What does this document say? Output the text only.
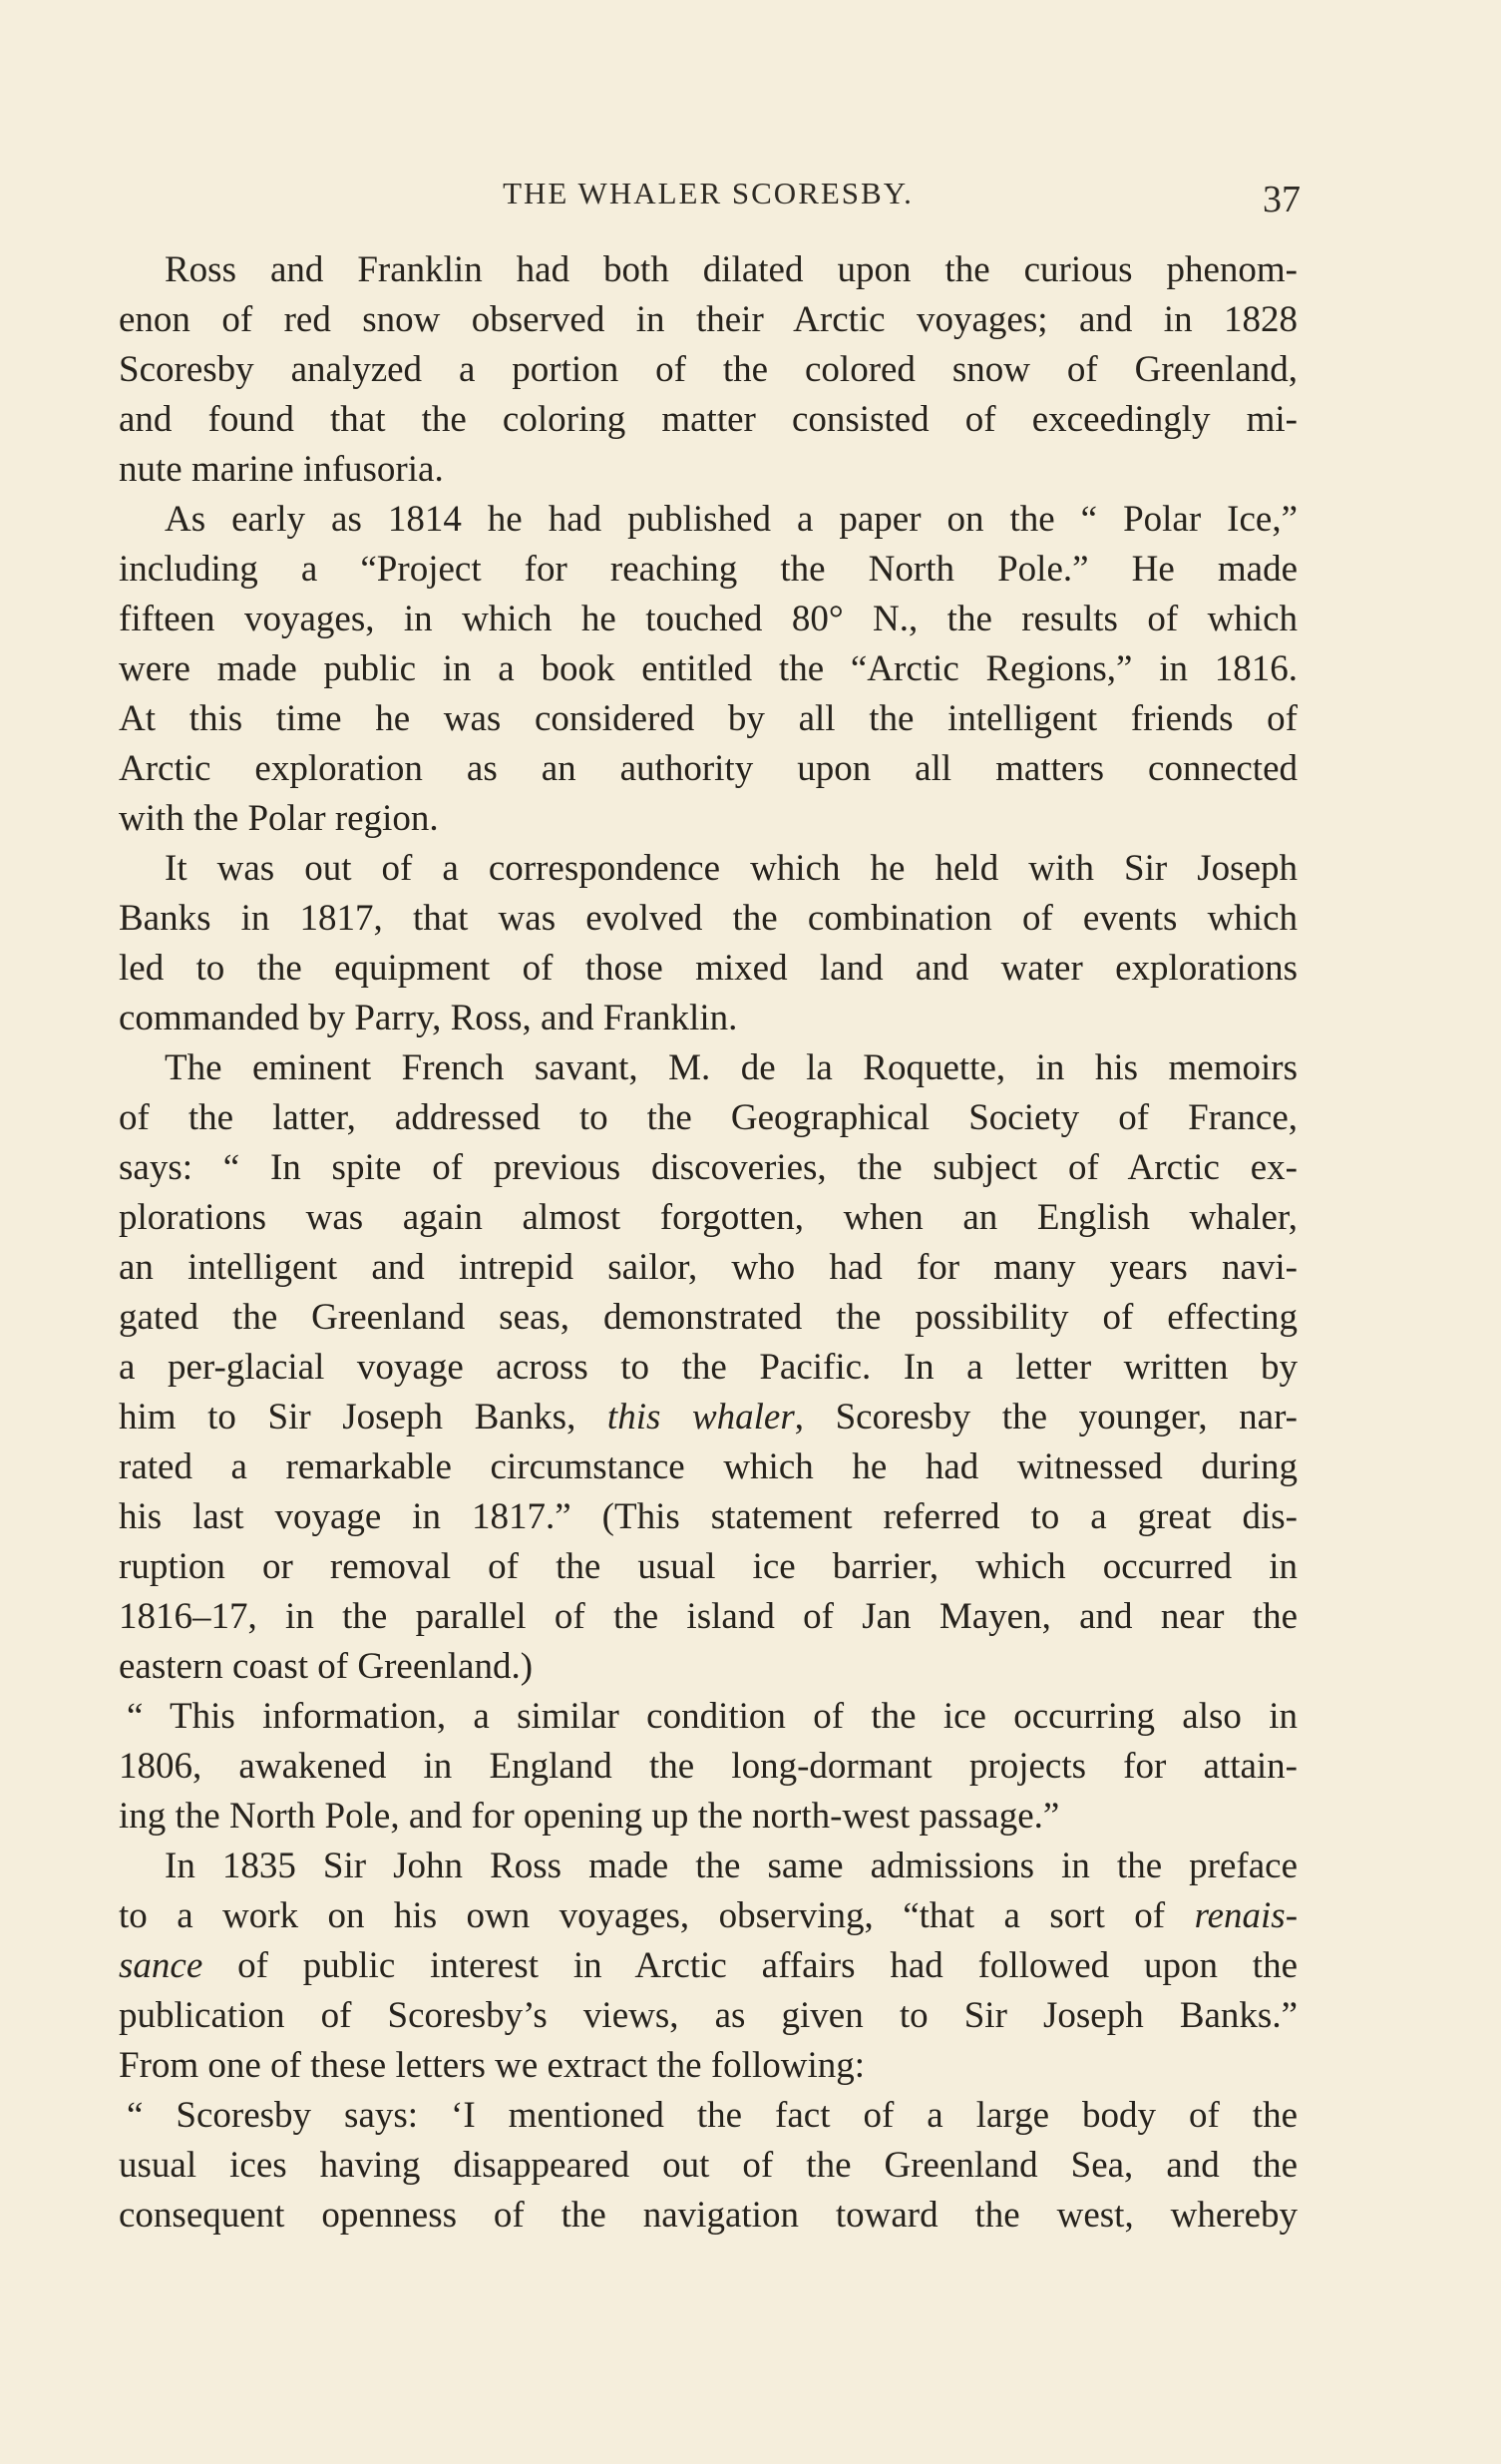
THE WHALER SCORESBY.	37
Ross and Franklin had both dilated upon the curious phenom-
enon of red snow observed in their Arctic voyages; and in 1828
Scoresby analyzed a portion of the colored snow of Greenland,
and found that the coloring matter consisted of exceedingly mi-
nute marine infusoria.
As early as 1814 he had published a paper on the “ Polar Ice,”
including a “Project for reaching the North Pole.” He made
fifteen voyages, in which he touched 80° N., the results of which
were made public in a book entitled the “Arctic Regions,” in 1816.
At this time he was considered by all the intelligent friends of
Arctic exploration as an authority upon all matters connected
with the Polar region.
It was out of a correspondence which he held with Sir Joseph
Banks in 1817, that was evolved the combination of events which
led to the equipment of those mixed land and water explorations
commanded by Parry, Ross, and Franklin.
The eminent French savant, M. de la Roquette, in his memoirs
of the latter, addressed to the Geographical Society of France,
says: “ In spite of previous discoveries, the subject of Arctic ex-
plorations was again almost forgotten, when an English whaler,
an intelligent and intrepid sailor, who had for many years navi-
gated the Greenland seas, demonstrated the possibility of effecting
a per-glacial voyage across to the Pacific. In a letter written by
him to Sir Joseph Banks, this whaler, Scoresby the younger, nar-
rated a remarkable circumstance which he had witnessed during
his last voyage in 1817.” (This statement referred to a great dis-
ruption or removal of the usual ice barrier, which occurred in
1816–17, in the parallel of the island of Jan Mayen, and near the
eastern coast of Greenland.)
“ This information, a similar condition of the ice occurring also in
1806, awakened in England the long-dormant projects for attain-
ing the North Pole, and for opening up the north-west passage.”
In 1835 Sir John Ross made the same admissions in the preface
to a work on his own voyages, observing, “that a sort of renais-
sance of public interest in Arctic affairs had followed upon the
publication of Scoresby’s views, as given to Sir Joseph Banks.”
From one of these letters we extract the following:
“ Scoresby says: ‘I mentioned the fact of a large body of the
usual ices having disappeared out of the Greenland Sea, and the
consequent openness of the navigation toward the west, whereby
